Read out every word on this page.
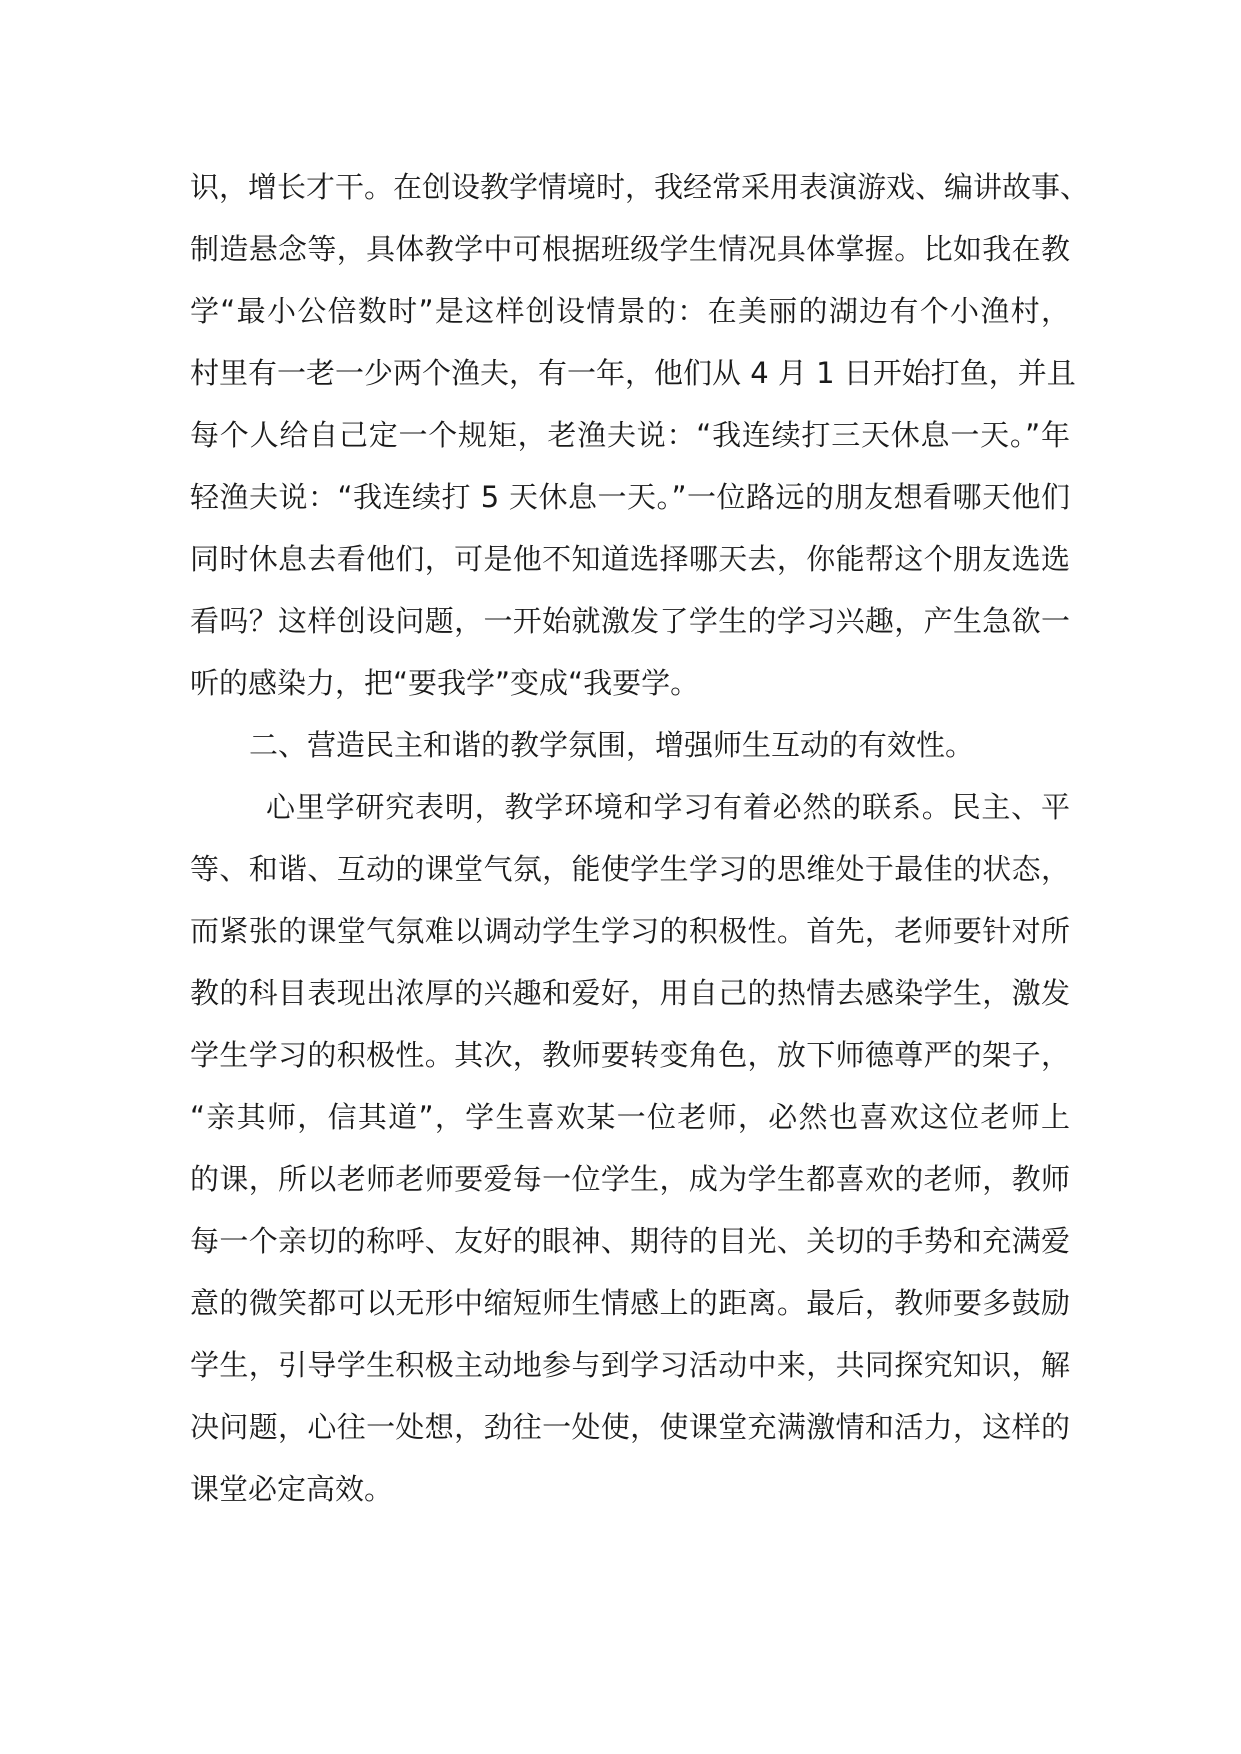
识，增长才干。在创设教学情境时，我经常采用表演游戏、编讲故事、
制造悬念等，具体教学中可根据班级学生情况具体掌握。比如我在教
学“最小公倍数时”是这样创设情景的：在美丽的湖边有个小渔村，
村里有一老一少两个渔夫，有一年，他们从 4 月 1 日开始打鱼，并且
每个人给自己定一个规矩，老渔夫说：“我连续打三天休息一天。”年
轻渔夫说：“我连续打 5 天休息一天。”一位路远的朋友想看哪天他们
同时休息去看他们，可是他不知道选择哪天去，你能帮这个朋友选选
看吗？这样创设问题，一开始就激发了学生的学习兴趣，产生急欲一
听的感染力，把“要我学”变成“我要学。
二、营造民主和谐的教学氛围，增强师生互动的有效性。
心里学研究表明，教学环境和学习有着必然的联系。民主、平
等、和谐、互动的课堂气氛，能使学生学习的思维处于最佳的状态，
而紧张的课堂气氛难以调动学生学习的积极性。首先，老师要针对所
教的科目表现出浓厚的兴趣和爱好，用自己的热情去感染学生，激发
学生学习的积极性。其次，教师要转变角色，放下师德尊严的架子，
“亲其师，信其道”，学生喜欢某一位老师，必然也喜欢这位老师上
的课，所以老师老师要爱每一位学生，成为学生都喜欢的老师，教师
每一个亲切的称呼、友好的眼神、期待的目光、关切的手势和充满爱
意的微笑都可以无形中缩短师生情感上的距离。最后，教师要多鼓励
学生，引导学生积极主动地参与到学习活动中来，共同探究知识，解
决问题，心往一处想，劲往一处使，使课堂充满激情和活力，这样的
课堂必定高效。
